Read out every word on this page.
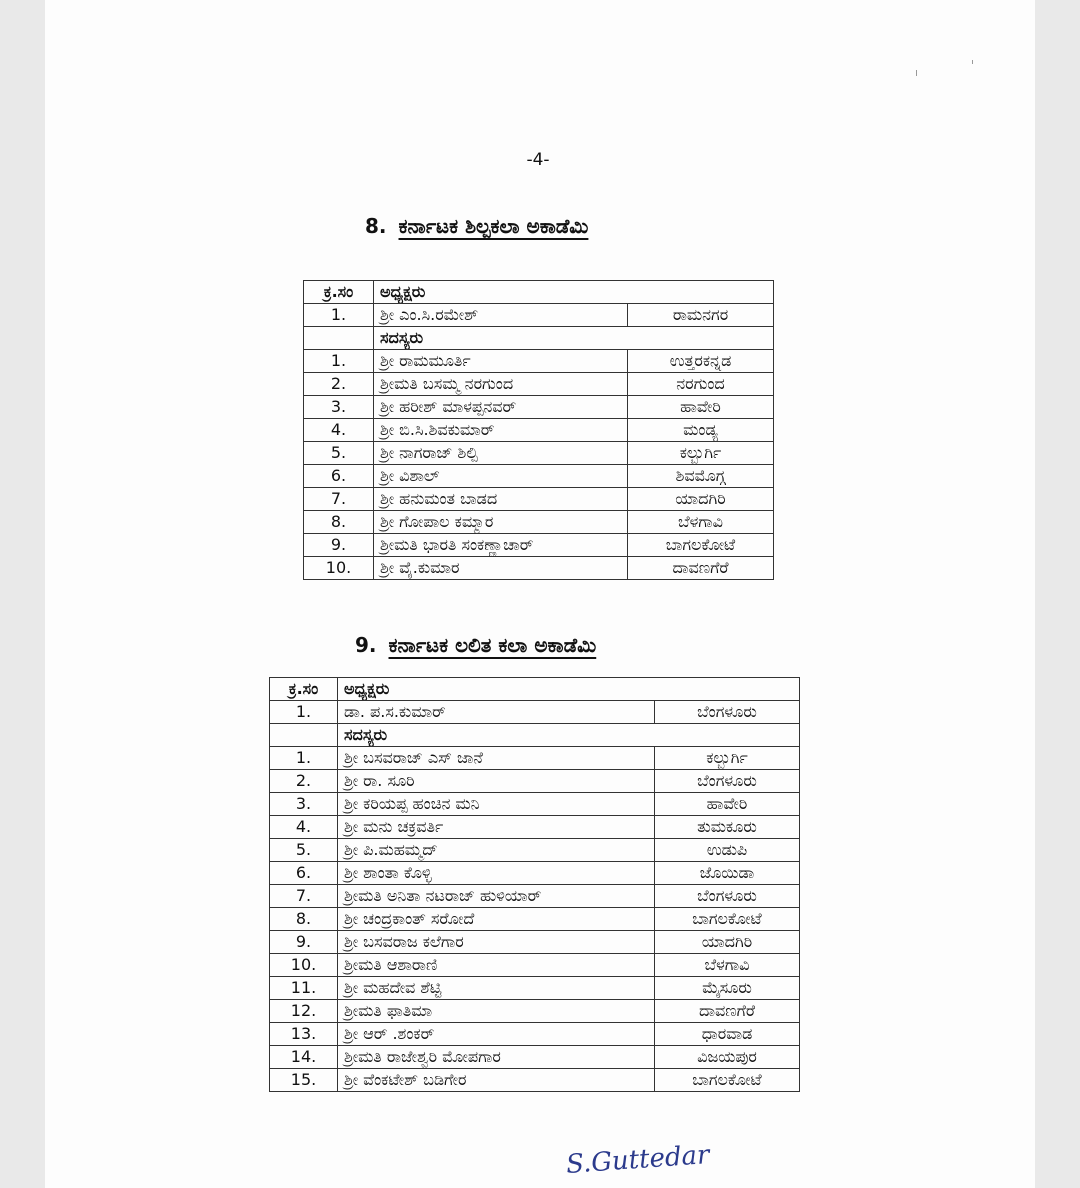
-4-
8. ಕರ್ನಾಟಕ ಶಿಲ್ಪಕಲಾ ಅಕಾಡೆಮಿ
ಕ್ರ.ಸಂ	ಅಧ್ಯಕ್ಷರು	
1.	ಶ್ರೀ ಎಂ.ಸಿ.ರಮೇಶ್	ರಾಮನಗರ
	ಸದಸ್ಯರು	
1.	ಶ್ರೀ ರಾಮಮೂರ್ತಿ	ಉತ್ತರಕನ್ನಡ
2.	ಶ್ರೀಮತಿ ಬಸಮ್ಮ ನರಗುಂದ	ನರಗುಂದ
3.	ಶ್ರೀ ಹರೀಶ್ ಮಾಳಪ್ಪನವರ್	ಹಾವೇರಿ
4.	ಶ್ರೀ ಬಿ.ಸಿ.ಶಿವಕುಮಾರ್	ಮಂಡ್ಯ
5.	ಶ್ರೀ ನಾಗರಾಜ್ ಶಿಲ್ಪಿ	ಕಲ್ಬುರ್ಗಿ
6.	ಶ್ರೀ ವಿಶಾಲ್	ಶಿವಮೊಗ್ಗ
7.	ಶ್ರೀ ಹನುಮಂತ ಬಾಡದ	ಯಾದಗಿರಿ
8.	ಶ್ರೀ ಗೋಪಾಲ ಕಮ್ಮಾರ	ಬೆಳಗಾವಿ
9.	ಶ್ರೀಮತಿ ಭಾರತಿ ಸಂಕಣ್ಣಾಚಾರ್	ಬಾಗಲಕೋಟೆ
10.	ಶ್ರೀ ವೈ.ಕುಮಾರ	ದಾವಣಗೆರೆ
9. ಕರ್ನಾಟಕ ಲಲಿತ ಕಲಾ ಅಕಾಡೆಮಿ
ಕ್ರ.ಸಂ	ಅಧ್ಯಕ್ಷರು	
1.	ಡಾ. ಪ.ಸ.ಕುಮಾರ್	ಬೆಂಗಳೂರು
	ಸದಸ್ಯರು	
1.	ಶ್ರೀ ಬಸವರಾಜ್ ಎಸ್ ಜಾನೆ	ಕಲ್ಬುರ್ಗಿ
2.	ಶ್ರೀ ರಾ. ಸೂರಿ	ಬೆಂಗಳೂರು
3.	ಶ್ರೀ ಕರಿಯಪ್ಪ ಹಂಚಿನ ಮನಿ	ಹಾವೇರಿ
4.	ಶ್ರೀ ಮನು ಚಕ್ರವರ್ತಿ	ತುಮಕೂರು
5.	ಶ್ರೀ ಪಿ.ಮಹಮ್ಮದ್	ಉಡುಪಿ
6.	ಶ್ರೀ ಶಾಂತಾ ಕೊಳ್ಳಿ	ಜೊಯಿಡಾ
7.	ಶ್ರೀಮತಿ ಅನಿತಾ ನಟರಾಜ್ ಹುಳಿಯಾರ್	ಬೆಂಗಳೂರು
8.	ಶ್ರೀ ಚಂದ್ರಕಾಂತ್ ಸರೋದೆ	ಬಾಗಲಕೋಟೆ
9.	ಶ್ರೀ ಬಸವರಾಜ ಕಲೆಗಾರ	ಯಾದಗಿರಿ
10.	ಶ್ರೀಮತಿ ಆಶಾರಾಣಿ	ಬೆಳಗಾವಿ
11.	ಶ್ರೀ ಮಹದೇವ ಶೆಟ್ಟಿ	ಮೈಸೂರು
12.	ಶ್ರೀಮತಿ ಫಾತಿಮಾ	ದಾವಣಗೆರೆ
13.	ಶ್ರೀ ಆರ್ .ಶಂಕರ್	ಧಾರವಾಡ
14.	ಶ್ರೀಮತಿ ರಾಜೇಶ್ವರಿ ಮೋಪಗಾರ	ವಿಜಯಪುರ
15.	ಶ್ರೀ ವೆಂಕಟೇಶ್ ಬಡಿಗೇರ	ಬಾಗಲಕೋಟೆ
S.Guttedar
